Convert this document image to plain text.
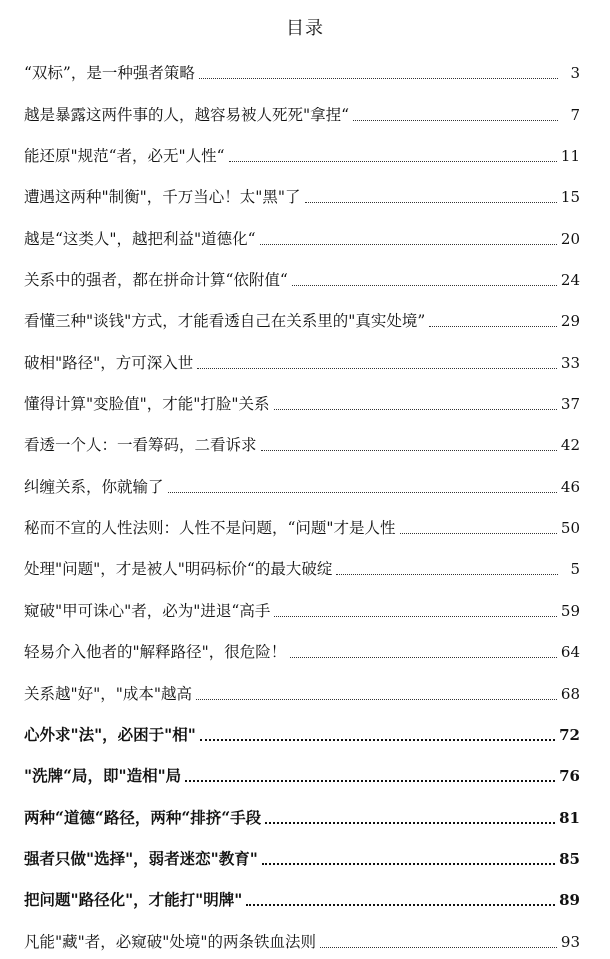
目录
“双标”，是一种强者策略	3
越是暴露这两件事的人，越容易被人死死"拿捏“	7
能还原"规范“者，必无"人性“	11
遭遇这两种"制衡"，千万当心！太"黑"了	15
越是“这类人"，越把利益"道德化“	20
关系中的强者，都在拼命计算“依附值“	24
看懂三种"谈钱"方式，才能看透自己在关系里的"真实处境”	29
破相"路径"，方可深入世	33
懂得计算"变脸值"，才能"打脸"关系	37
看透一个人：一看筹码，二看诉求	42
纠缠关系，你就输了	46
秘而不宣的人性法则：人性不是问题，“问题"才是人性	50
处理"问题"，才是被人"明码标价“的最大破绽	5
窥破"甲可诛心"者，必为"进退“高手	59
轻易介入他者的"解释路径"，很危险！	64
关系越"好"，"成本"越高	68
心外求"法"，必困于"相"	72
"洗牌“局，即"造相"局	76
两种“道德“路径，两种“排挤“手段	81
强者只做"选择"，弱者迷恋"教育"	85
把问题"路径化"，才能打"明牌"	89
凡能"藏"者，必窥破"处境"的两条铁血法则	93
